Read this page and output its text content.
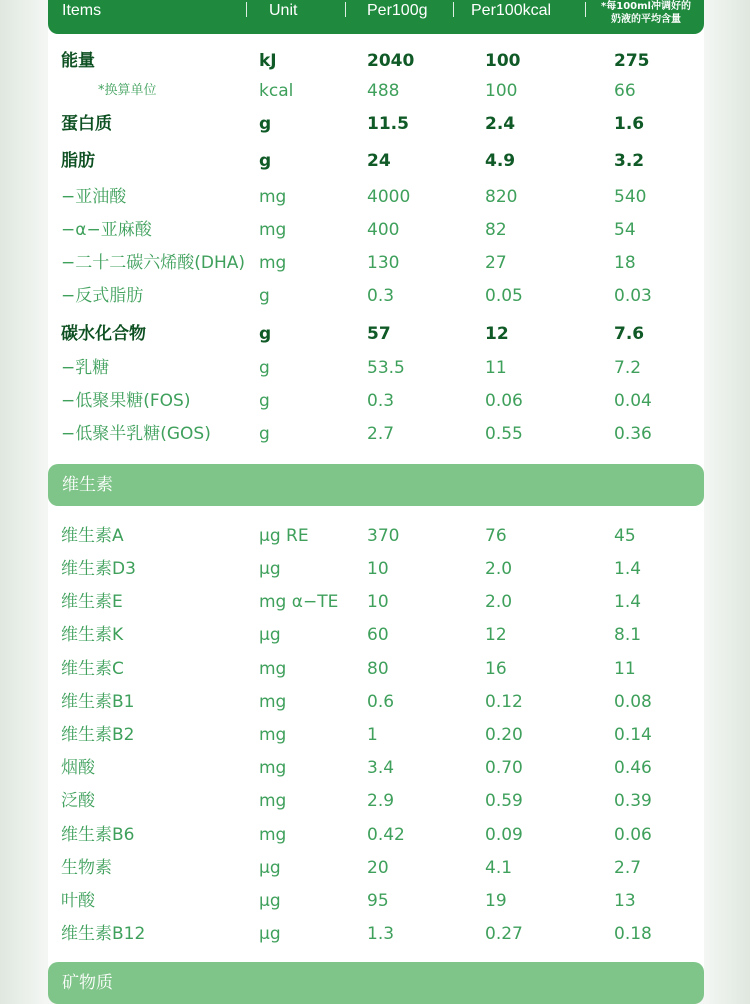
Items	Unit	Per100g	Per100kcal	*每100ml冲调好的
奶液的平均含量
能量	kJ	2040	100	275
*换算单位	kcal	488	100	66
蛋白质	g	11.5	2.4	1.6
脂肪	g	24	4.9	3.2
−亚油酸	mg	4000	820	540
−α−亚麻酸	mg	400	82	54
−二十二碳六烯酸(DHA) mg	130	27	18
−反式脂肪	g	0.3	0.05	0.03
碳水化合物	g	57	12	7.6
−乳糖	g	53.5	11	7.2
−低聚果糖(FOS)	g	0.3	0.06	0.04
−低聚半乳糖(GOS)	g	2.7	0.55	0.36
维生素
维生素A	μg RE	370	76	45
维生素D3	μg	10	2.0	1.4
维生素E	mg α−TE 10	2.0	1.4
维生素K	μg	60	12	8.1
维生素C	mg	80	16	11
维生素B1	mg	0.6	0.12	0.08
维生素B2	mg	1	0.20	0.14
烟酸	mg	3.4	0.70	0.46
泛酸	mg	2.9	0.59	0.39
维生素B6	mg	0.42	0.09	0.06
生物素	μg	20	4.1	2.7
叶酸	μg	95	19	13
维生素B12	μg	1.3	0.27	0.18
矿物质
